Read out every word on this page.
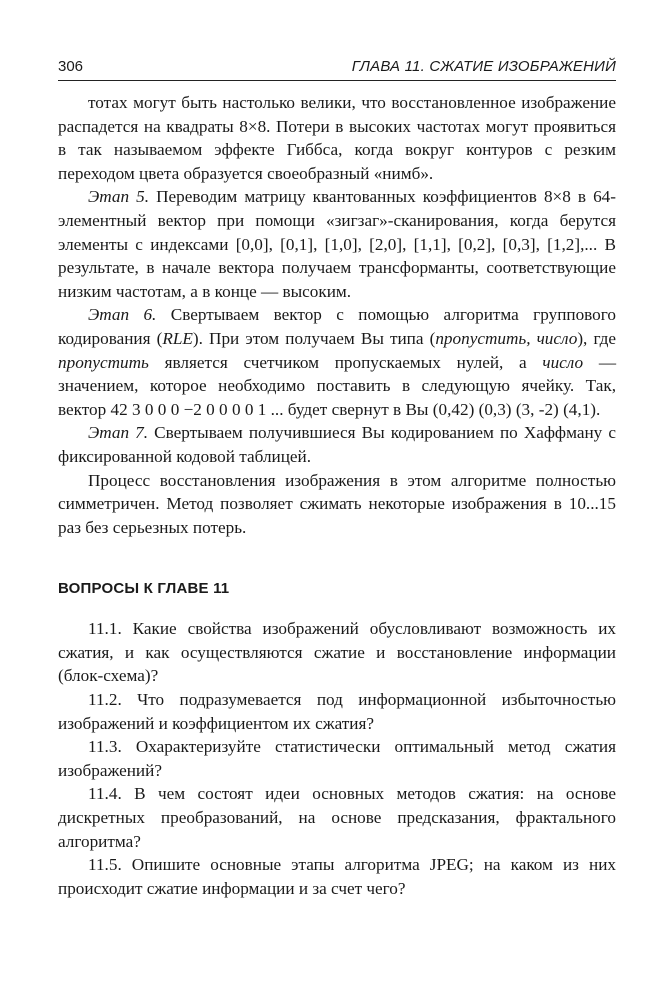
306	ГЛАВА 11. СЖАТИЕ ИЗОБРАЖЕНИЙ

тотах могут быть настолько велики, что восстановленное изображение распадется на квадраты 8×8. Потери в высоких частотах могут проявиться в так называемом эффекте Гиббса, когда вокруг контуров с резким переходом цвета образуется своеобразный «нимб».

Этап 5. Переводим матрицу квантованных коэффициентов 8×8 в 64-элементный вектор при помощи «зигзаг»-сканирования, когда берутся элементы с индексами [0,0], [0,1], [1,0], [2,0], [1,1], [0,2], [0,3], [1,2],... В результате, в начале вектора получаем трансформанты, соответствующие низким частотам, а в конце — высоким.

Этап 6. Свертываем вектор с помощью алгоритма группового кодирования (RLE). При этом получаем Вы типа (пропустить, число), где пропустить является счетчиком пропускаемых нулей, а число — значением, которое необходимо поставить в следующую ячейку. Так, вектор 42 3 0 0 0 −2 0 0 0 0 1 ... будет свернут в Вы (0,42) (0,3) (3, -2) (4,1).

Этап 7. Свертываем получившиеся Вы кодированием по Хаффману с фиксированной кодовой таблицей.

Процесс восстановления изображения в этом алгоритме полностью симметричен. Метод позволяет сжимать некоторые изображения в 10...15 раз без серьезных потерь.

ВОПРОСЫ К ГЛАВЕ 11

11.1. Какие свойства изображений обусловливают возможность их сжатия, и как осуществляются сжатие и восстановление информации (блок-схема)?

11.2. Что подразумевается под информационной избыточностью изображений и коэффициентом их сжатия?

11.3. Охарактеризуйте статистически оптимальный метод сжатия изображений?

11.4. В чем состоят идеи основных методов сжатия: на основе дискретных преобразований, на основе предсказания, фрактального алгоритма?

11.5. Опишите основные этапы алгоритма JPEG; на каком из них происходит сжатие информации и за счет чего?
